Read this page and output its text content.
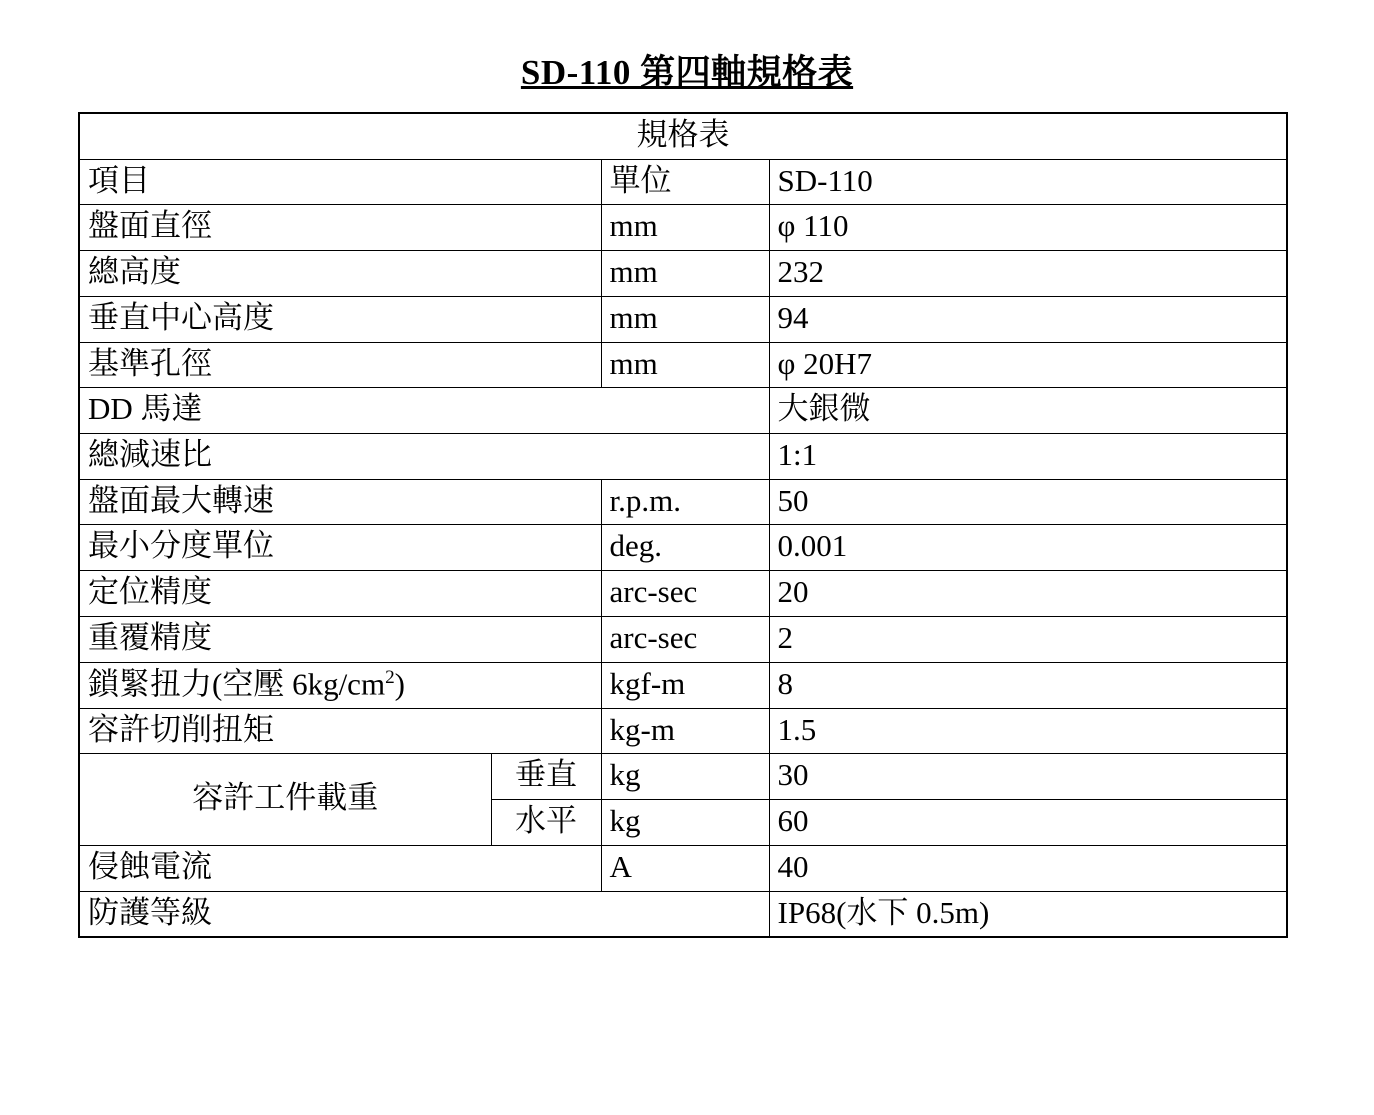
SD-110 第四軸規格表
規格表			
項目		單位	SD-110
盤面直徑		mm	φ 110
總高度		mm	232
垂直中心高度		mm	94
基準孔徑		mm	φ 20H7
DD 馬達			大銀微
總減速比			1:1
盤面最大轉速		r.p.m.	50
最小分度單位		deg.	0.001
定位精度		arc-sec	20
重覆精度		arc-sec	2
鎖緊扭力(空壓 $6kg/cm^2$)		kgf-m	8
容許切削扭矩		kg-m	1.5
容許工件載重	垂直	kg	30
	水平	kg	60
侵蝕電流		A	40
防護等級			IP68(水下 0.5m)
